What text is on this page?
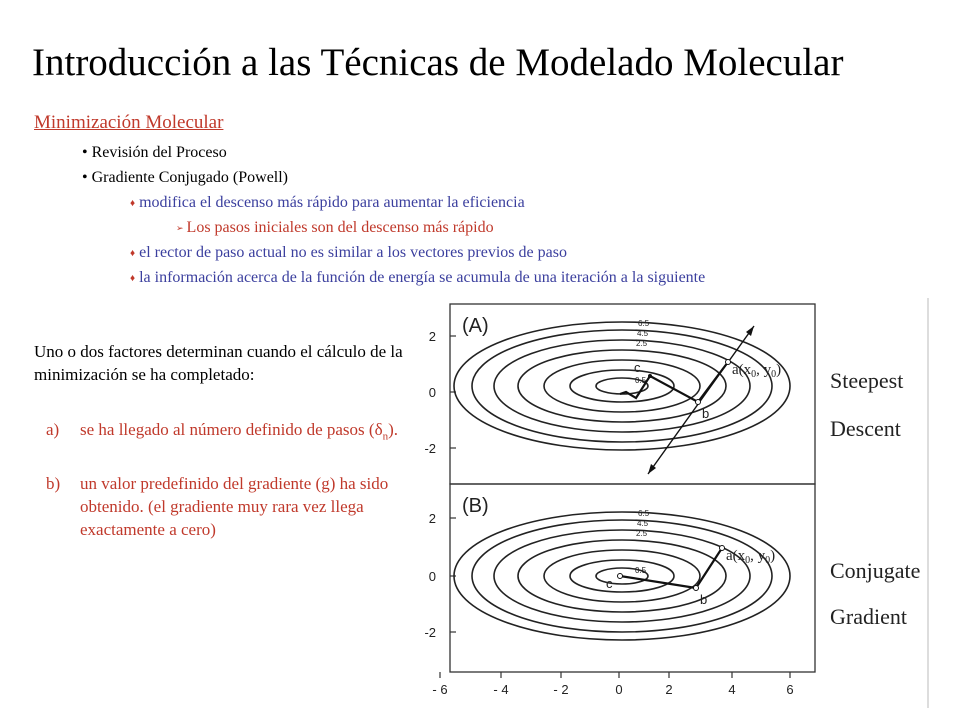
Introducción a las Técnicas de Modelado Molecular
Minimización Molecular
• Revisión del Proceso
• Gradiente Conjugado (Powell)
♦ modifica el descenso más rápido para aumentar la eficiencia
➢ Los pasos iniciales son del descenso más rápido
♦ el rector de paso actual no es similar a los vectores previos de paso
♦ la información acerca de la función de energía se acumula de una iteración a la siguiente
Uno o dos factores determinan cuando el cálculo de la minimización se ha completado:
a) se ha llegado al número definido de pasos $(\delta_n)$.
b) un valor predefinido del gradiente (g) ha sido obtenido. (el gradiente muy rara vez llega exactamente a cero)
2
0
-2
2
0
-2
- 6	- 4	- 2	0	2	4	6
6.5
4.5
2.5
0.5
6.5
4.5
2.5
0.5
(A)
(B)
c
b
c
b
$a(x_0$, $y_0$)
$a(x_0$, $y_0$)
Steepest
Descent
Conjugate
Gradient
